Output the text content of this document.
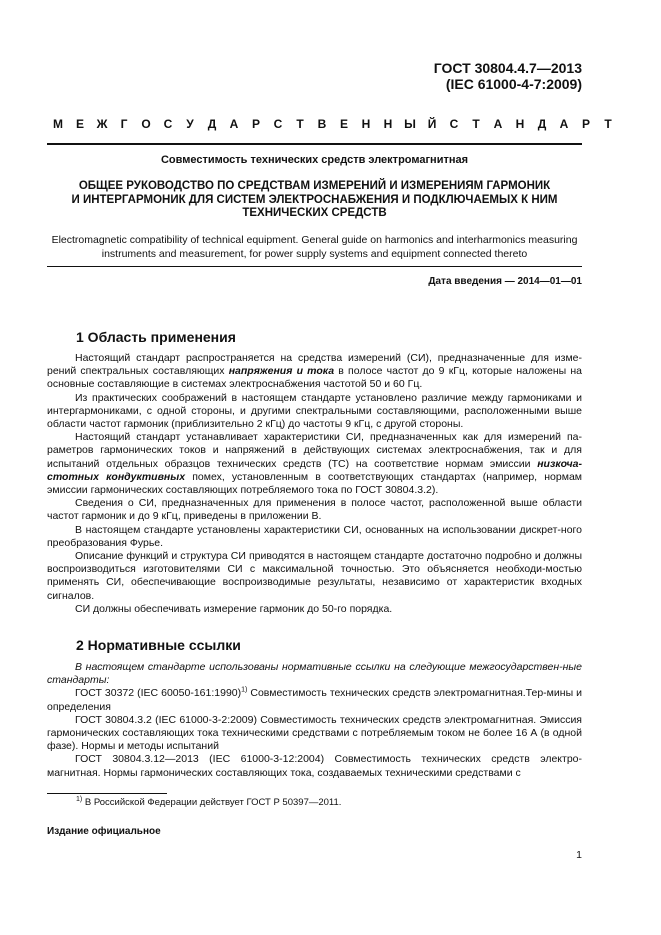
ГОСТ 30804.4.7—2013
(IEC 61000-4-7:2009)
М	Е	Ж	Г	О	С	У	Д	А	Р	С	Т	В	Е	Н	Н Ы Й	С	Т	А	Н	Д	А	Р	Т
Совместимость технических средств электромагнитная
ОБЩЕЕ РУКОВОДСТВО ПО СРЕДСТВАМ ИЗМЕРЕНИЙ И ИЗМЕРЕНИЯМ ГАРМОНИК
И ИНТЕРГАРМОНИК ДЛЯ СИСТЕМ ЭЛЕКТРОСНАБЖЕНИЯ И ПОДКЛЮЧАЕМЫХ К НИМ
ТЕХНИЧЕСКИХ СРЕДСТВ
Electromagnetic compatibility of technical equipment. General guide on harmonics and interharmonics measuring instruments and measurement, for power supply systems and equipment connected thereto
Дата введения — 2014—01—01
1 Область применения

Настоящий стандарт распространяется на средства измерений (СИ), предназначенные для изме-рений спектральных составляющих напряжения и тока в полосе частот до 9 кГц, которые наложены на основные составляющие в системах электроснабжения частотой 50 и 60 Гц.

Из практических соображений в настоящем стандарте установлено различие между гармониками и интергармониками, с одной стороны, и другими спектральными составляющими, расположенными выше области частот гармоник (приблизительно 2 кГц) до частоты 9 кГц, с другой стороны.

Настоящий стандарт устанавливает характеристики СИ, предназначенных как для измерений па-раметров гармонических токов и напряжений в действующих системах электроснабжения, так и для испытаний отдельных образцов технических средств (ТС) на соответствие нормам эмиссии низкоча-стотных кондуктивных помех, установленным в соответствующих стандартах (например, нормам эмиссии гармонических составляющих потребляемого тока по ГОСТ 30804.3.2).

Сведения о СИ, предназначенных для применения в полосе частот, расположенной выше области частот гармоник и до 9 кГц, приведены в приложении В.

В настоящем стандарте установлены характеристики СИ, основанных на использовании дискрет-ного преобразования Фурье.

Описание функций и структура СИ приводятся в настоящем стандарте достаточно подробно и должны воспроизводиться изготовителями СИ с максимальной точностью. Это объясняется необходи-мостью применять СИ, обеспечивающие воспроизводимые результаты, независимо от характеристик входных сигналов.

СИ должны обеспечивать измерение гармоник до 50-го порядка.

2 Нормативные ссылки

В настоящем стандарте использованы нормативные ссылки на следующие межгосударствен-ные стандарты:

ГОСТ 30372 (IEC 60050-161:1990)$^{1)}$ Совместимость технических средств электромагнитная.Тер-мины и определения

ГОСТ 30804.3.2 (IEC 61000-3-2:2009) Совместимость технических средств электромагнитная. Эмиссия гармонических составляющих тока техническими средствами с потребляемым током не более 16 А (в одной фазе). Нормы и методы испытаний

ГОСТ 30804.3.12—2013 (IEC 61000-3-12:2004) Совместимость технических средств электро-магнитная. Нормы гармонических составляющих тока, создаваемых техническими средствами с

$^{1)}$ В Российской Федерации действует ГОСТ Р 50397—2011.
Издание официальное
1
